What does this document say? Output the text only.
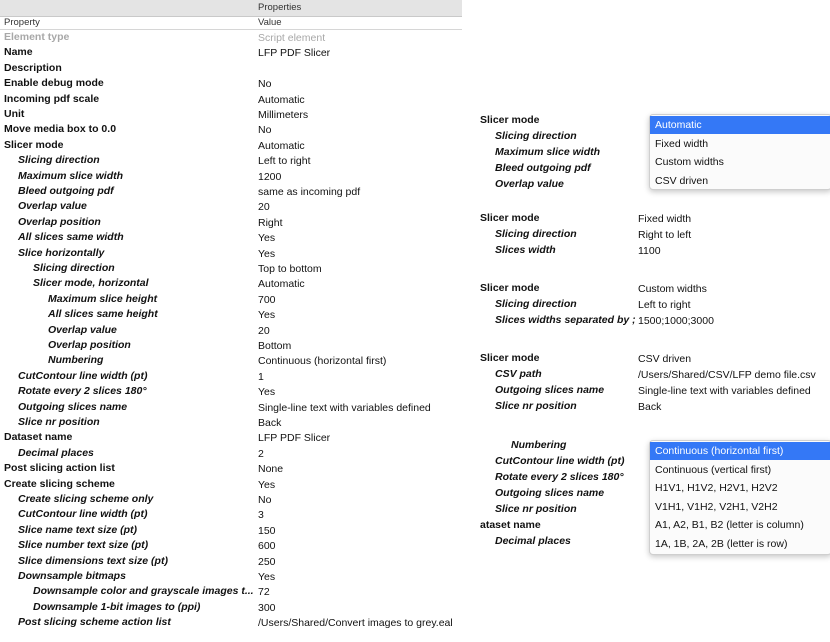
Properties
Property	Value
Element type	Script element
Name	LFP PDF Slicer
Description
Enable debug mode	No
Incoming pdf scale	Automatic
Unit	Millimeters
Move media box to 0.0	No
Slicer mode	Automatic
Slicing direction	Left to right
Maximum slice width	1200
Bleed outgoing pdf	same as incoming pdf
Overlap value	20
Overlap position	Right
All slices same width	Yes
Slice horizontally	Yes
Slicing direction	Top to bottom
Slicer mode, horizontal	Automatic
Maximum slice height	700
All slices same height	Yes
Overlap value	20
Overlap position	Bottom
Numbering	Continuous (horizontal first)
CutContour line width (pt)	1
Rotate every 2 slices 180°	Yes
Outgoing slices name	Single-line text with variables defined
Slice nr position	Back
Dataset name	LFP PDF Slicer
Decimal places	2
Post slicing action list	None
Create slicing scheme	Yes
Create slicing scheme only	No
CutContour line width (pt)	3
Slice name text size (pt)	150
Slice number text size (pt)	600
Slice dimensions text size (pt)	250
Downsample bitmaps	Yes
Downsample color and grayscale images t... 72
Downsample 1-bit images to (ppi)	300
Post slicing scheme action list	/Users/Shared/Convert images to grey.eal
Slicer mode
Slicing direction
Maximum slice width
Bleed outgoing pdf
Overlap value
Automatic
Fixed width
Custom widths
CSV driven
Slicer mode	Fixed width
Slicing direction	Right to left
Slices width	1100
Slicer mode	Custom widths
Slicing direction	Left to right
Slices widths separated by ; 1500;1000;3000
Slicer mode	CSV driven
CSV path	/Users/Shared/CSV/LFP demo file.csv
Outgoing slices name	Single-line text with variables defined
Slice nr position	Back
Numbering
CutContour line width (pt)
Rotate every 2 slices 180°
Outgoing slices name
Slice nr position
ataset name
Decimal places
Continuous (horizontal first)
Continuous (vertical first)
H1V1, H1V2, H2V1, H2V2
V1H1, V1H2, V2H1, V2H2
A1, A2, B1, B2 (letter is column)
1A, 1B, 2A, 2B (letter is row)
